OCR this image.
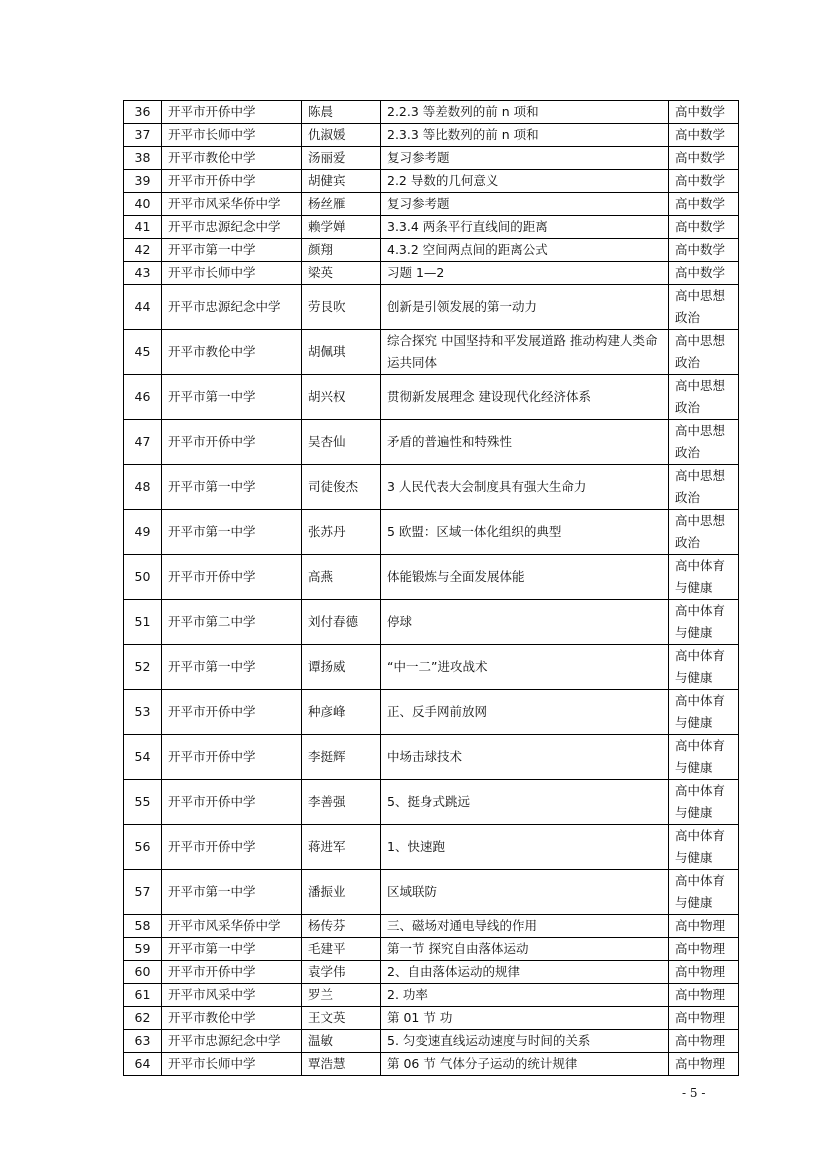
36	开平市开侨中学	陈晨	2.2.3 等差数列的前 n 项和	高中数学
37	开平市长师中学	仇淑媛	2.3.3 等比数列的前 n 项和	高中数学
38	开平市教伦中学	汤丽爱	复习参考题	高中数学
39	开平市开侨中学	胡健宾	2.2 导数的几何意义	高中数学
40	开平市风采华侨中学	杨丝雁	复习参考题	高中数学
41	开平市忠源纪念中学	赖学婵	3.3.4 两条平行直线间的距离	高中数学
42	开平市第一中学	颜翔	4.3.2 空间两点间的距离公式	高中数学
43	开平市长师中学	梁英	习题 1—2	高中数学
44	开平市忠源纪念中学	劳艮吹	创新是引领发展的第一动力	高中思想政治
45	开平市教伦中学	胡佩琪	综合探究 中国坚持和平发展道路 推动构建人类命运共同体	高中思想政治
46	开平市第一中学	胡兴权	贯彻新发展理念 建设现代化经济体系	高中思想政治
47	开平市开侨中学	吴杏仙	矛盾的普遍性和特殊性	高中思想政治
48	开平市第一中学	司徒俊杰	3 人民代表大会制度具有强大生命力	高中思想政治
49	开平市第一中学	张苏丹	5 欧盟：区域一体化组织的典型	高中思想政治
50	开平市开侨中学	高燕	体能锻炼与全面发展体能	高中体育与健康
51	开平市第二中学	刘付春德	停球	高中体育与健康
52	开平市第一中学	谭扬威	“中一二”进攻战术	高中体育与健康
53	开平市开侨中学	种彦峰	正、反手网前放网	高中体育与健康
54	开平市开侨中学	李挺辉	中场击球技术	高中体育与健康
55	开平市开侨中学	李善强	5、挺身式跳远	高中体育与健康
56	开平市开侨中学	蒋进军	1、快速跑	高中体育与健康
57	开平市第一中学	潘振业	区域联防	高中体育与健康
58	开平市风采华侨中学	杨传芬	三、磁场对通电导线的作用	高中物理
59	开平市第一中学	毛建平	第一节 探究自由落体运动	高中物理
60	开平市开侨中学	袁学伟	2、自由落体运动的规律	高中物理
61	开平市风采中学	罗兰	2. 功率	高中物理
62	开平市教伦中学	王文英	第 01 节 功	高中物理
63	开平市忠源纪念中学	温敏	5. 匀变速直线运动速度与时间的关系	高中物理
64	开平市长师中学	覃浩慧	第 06 节 气体分子运动的统计规律	高中物理
- 5 -
